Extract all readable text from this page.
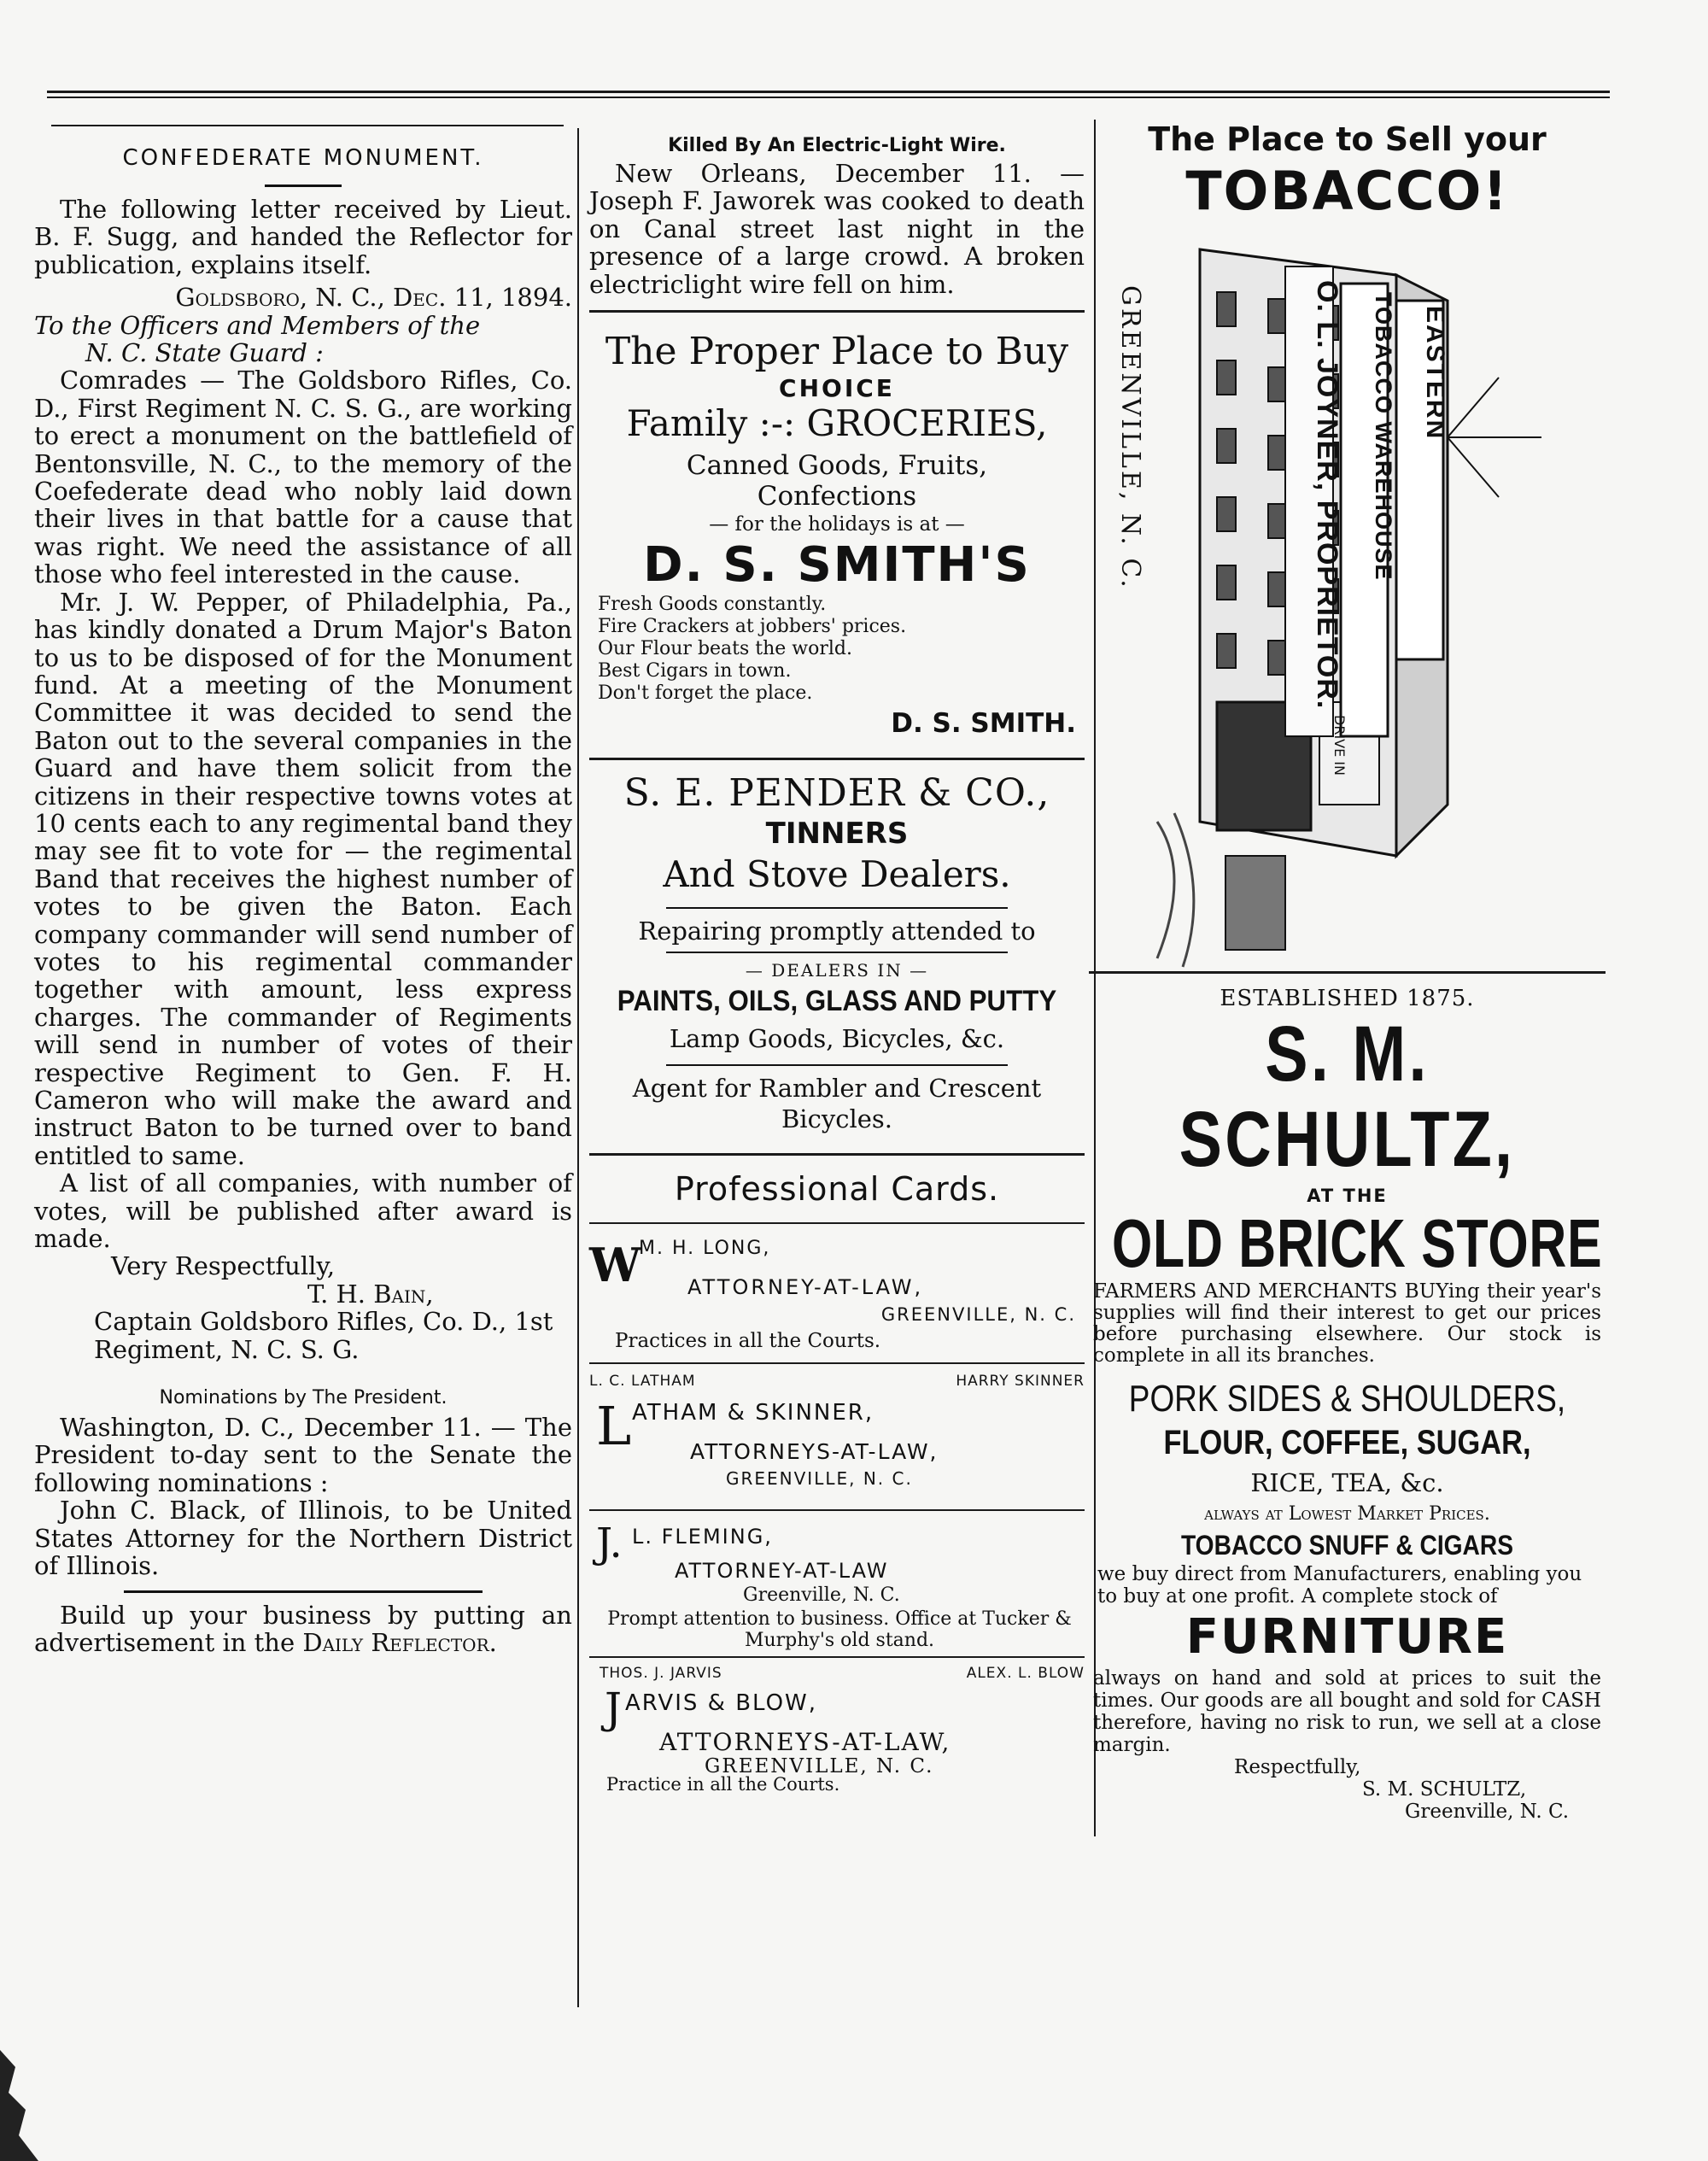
CONFEDERATE MONUMENT.

The following letter received by Lieut. B. F. Sugg, and handed the Reflector for publication, explains itself.

Goldsboro, N. C., Dec. 11, 1894.

To the Officers and Members of the

N. C. State Guard :

Comrades — The Goldsboro Rifles, Co. D., First Regiment N. C. S. G., are working to erect a monument on the battlefield of Bentonsville, N. C., to the memory of the Coefederate dead who nobly laid down their lives in that battle for a cause that was right. We need the assistance of all those who feel interested in the cause.

Mr. J. W. Pepper, of Philadelphia, Pa., has kindly donated a Drum Major's Baton to us to be disposed of for the Monument fund. At a meeting of the Monument Committee it was decided to send the Baton out to the several companies in the Guard and have them solicit from the citizens in their respective towns votes at 10 cents each to any regimental band they may see fit to vote for — the regimental Band that receives the highest number of votes to be given the Baton. Each company commander will send number of votes to his regimental commander together with amount, less express charges. The commander of Regiments will send in number of votes of their respective Regiment to Gen. F. H. Cameron who will make the award and instruct Baton to be turned over to band entitled to same.

A list of all companies, with number of votes, will be published after award is made.

Very Respectfully,

T. H. Bain,

Captain Goldsboro Rifles, Co. D., 1st Regiment, N. C. S. G.

Nominations by The President.

Washington, D. C., December 11. — The President to-day sent to the Senate the following nominations :

John C. Black, of Illinois, to be United States Attorney for the Northern District of Illinois.

Build up your business by putting an advertisement in the Daily Reflector.

Killed By An Electric-Light Wire.

New Orleans, December 11. — Joseph F. Jaworek was cooked to death on Canal street last night in the presence of a large crowd. A broken electriclight wire fell on him.

The Proper Place to Buy
CHOICE
Family :-: GROCERIES,
Canned Goods, Fruits,
Confections
— for the holidays is at —
D. S. SMITH'S
Fresh Goods constantly.
Fire Crackers at jobbers' prices.
Our Flour beats the world.
Best Cigars in town.
Don't forget the place.
D. S. SMITH.
S. E. PENDER & CO.,
TINNERS
And Stove Dealers.
Repairing promptly attended to
— DEALERS IN —
PAINTS, OILS, GLASS AND PUTTY
Lamp Goods, Bicycles, &c.
Agent for Rambler and Crescent Bicycles.
Professional Cards.
W
M. H. LONG,
ATTORNEY-AT-LAW,
GREENVILLE, N. C.
Practices in all the Courts.
L. C. LATHAM	HARRY SKINNER
L ATHAM & SKINNER,
ATTORNEYS-AT-LAW,
GREENVILLE, N. C.
J. L. FLEMING,
ATTORNEY-AT-LAW
Greenville, N. C.
Prompt attention to business. Office at Tucker & Murphy's old stand.
THOS. J. JARVIS	ALEX. L. BLOW
J ARVIS & BLOW,
ATTORNEYS-AT-LAW,
GREENVILLE, N. C.
Practice in all the Courts.
The Place to Sell your
TOBACCO!
GREENVILLE, N. C.	EASTERN
TOBACCO WAREHOUSE
O. L. JOYNER, PROPRIETOR.
DRIVE IN
ESTABLISHED 1875.
S. M. SCHULTZ,
AT THE
OLD BRICK STORE

FARMERS AND MERCHANTS BUYing their year's supplies will find their interest to get our prices before purchasing elsewhere. Our stock is complete in all its branches.

PORK SIDES & SHOULDERS,
FLOUR, COFFEE, SUGAR,
RICE, TEA, &c.
always at Lowest Market Prices.
TOBACCO SNUFF & CIGARS

we buy direct from Manufacturers, enabling you to buy at one profit. A complete stock of

FURNITURE

always on hand and sold at prices to suit the times. Our goods are all bought and sold for CASH therefore, having no risk to run, we sell at a close margin.

Respectfully,
S. M. SCHULTZ,
Greenville, N. C.
